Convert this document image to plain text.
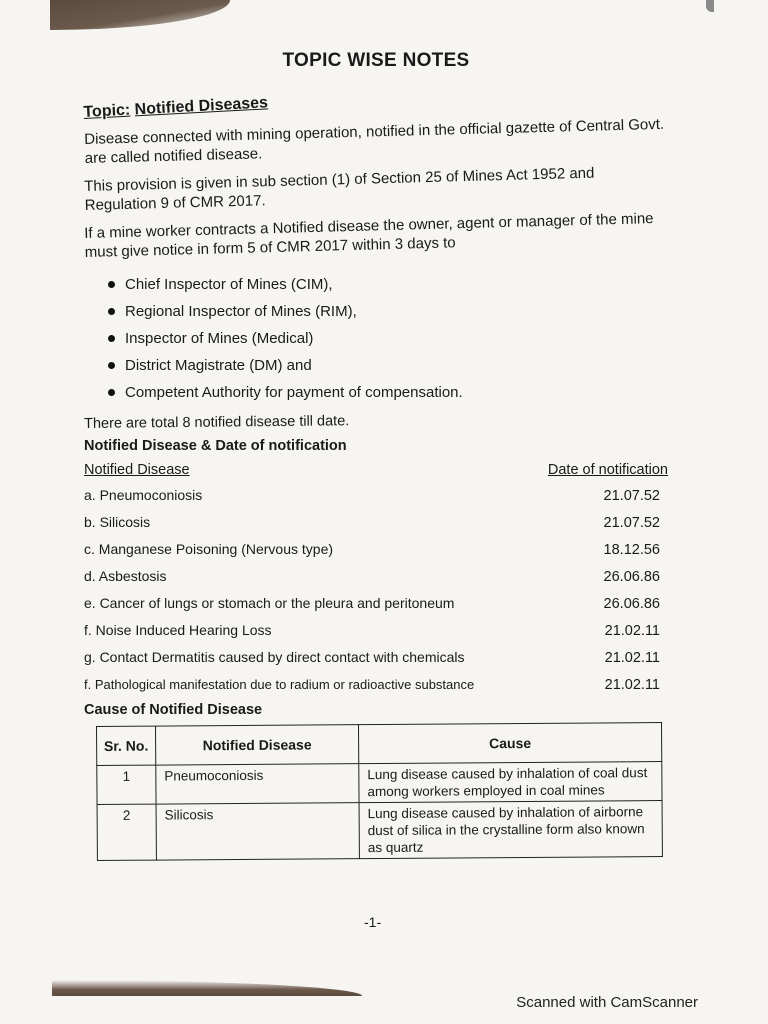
TOPIC WISE NOTES
Topic: Notified Diseases

Disease connected with mining operation, notified in the official gazette of Central Govt. are called notified disease.

This provision is given in sub section (1) of Section 25 of Mines Act 1952 and Regulation 9 of CMR 2017.

If a mine worker contracts a Notified disease the owner, agent or manager of the mine must give notice in form 5 of CMR 2017 within 3 days to

Chief Inspector of Mines (CIM),
Regional Inspector of Mines (RIM),
Inspector of Mines (Medical)
District Magistrate (DM) and
Competent Authority for payment of compensation.
There are total 8 notified disease till date.
Notified Disease & Date of notification
Notified Disease	Date of notification
a. Pneumoconiosis	21.07.52
b. Silicosis	21.07.52
c. Manganese Poisoning (Nervous type)	18.12.56
d. Asbestosis	26.06.86
e. Cancer of lungs or stomach or the pleura and peritoneum	26.06.86
f. Noise Induced Hearing Loss	21.02.11
g. Contact Dermatitis caused by direct contact with chemicals	21.02.11
f. Pathological manifestation due to radium or radioactive substance	21.02.11
Cause of Notified Disease
Sr. No.	Notified Disease	Cause
1	Pneumoconiosis	Lung disease caused by inhalation of coal dust among workers employed in coal mines
2	Silicosis	Lung disease caused by inhalation of airborne dust of silica in the crystalline form also known as quartz
-1-
Scanned with CamScanner
